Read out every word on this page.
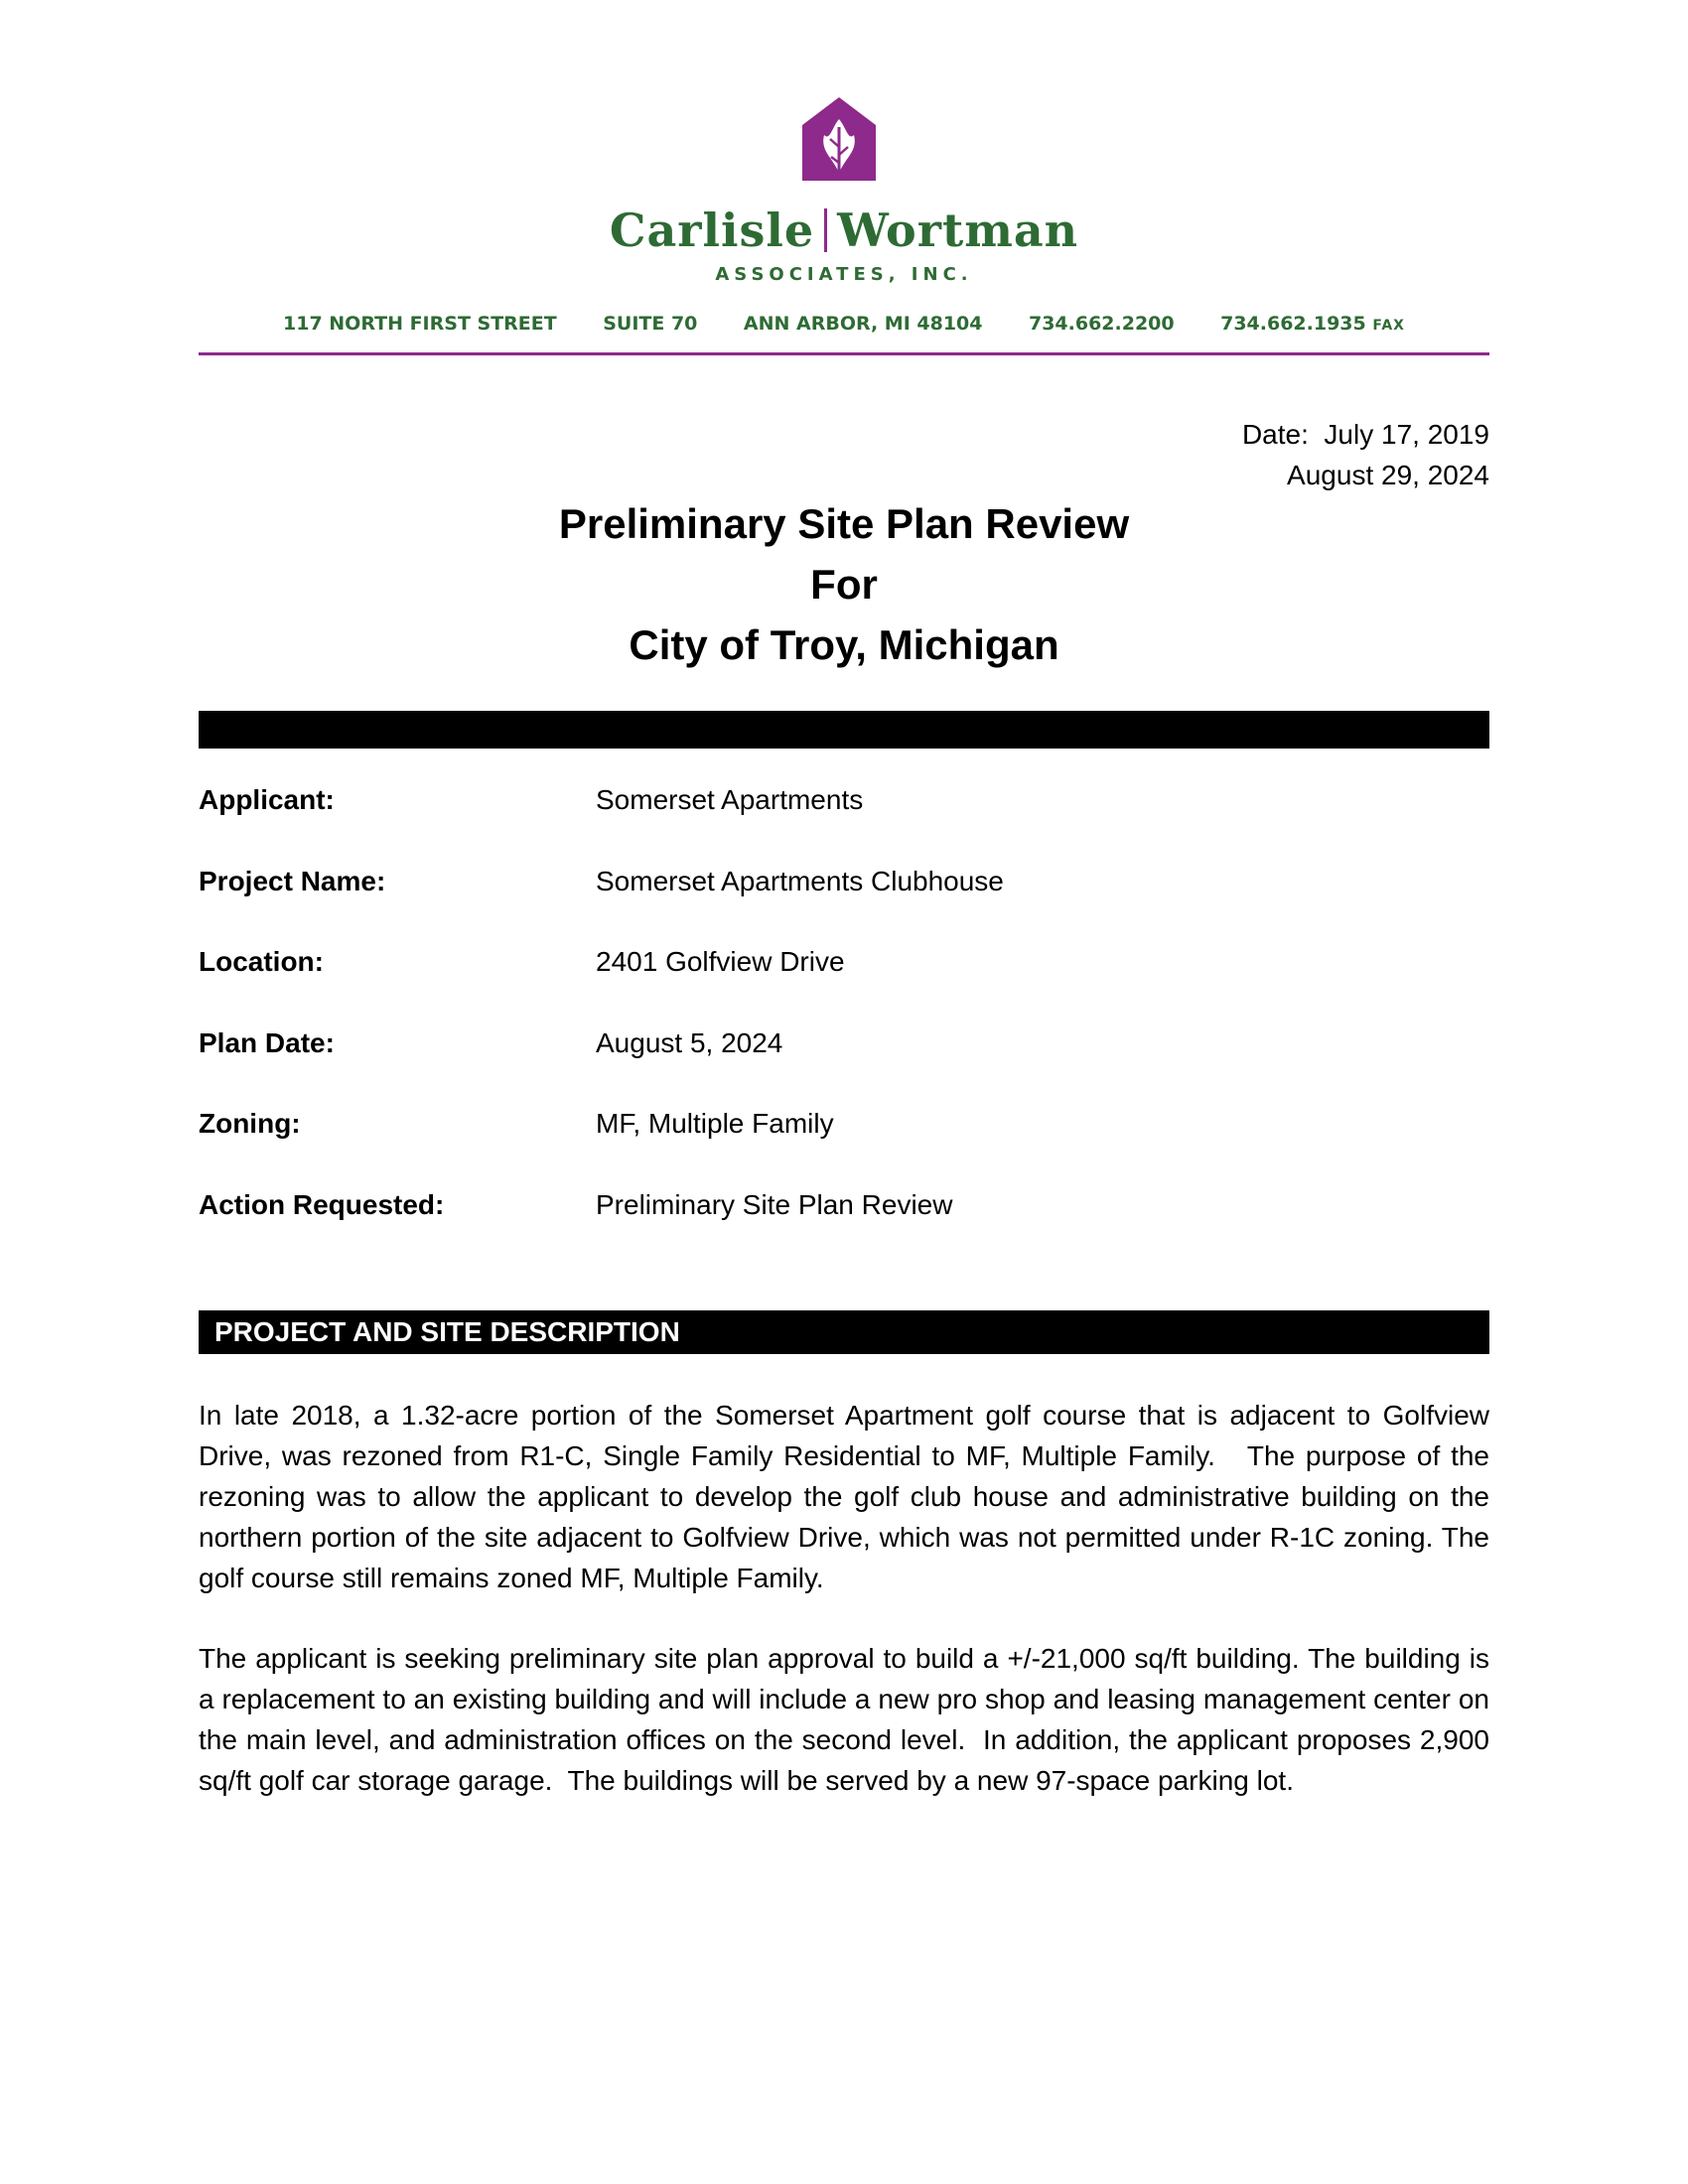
Carlisle Wortman
ASSOCIATES, INC.
117 NORTH FIRST STREET SUITE 70 ANN ARBOR, MI 48104 734.662.2200 734.662.1935 FAX
Date:  July 17, 2019
August 29, 2024
Preliminary Site Plan Review
For
City of Troy, Michigan
Applicant:	Somerset Apartments
Project Name:	Somerset Apartments Clubhouse
Location:	2401 Golfview Drive
Plan Date:	August 5, 2024
Zoning:	MF, Multiple Family
Action Requested:	Preliminary Site Plan Review
PROJECT AND SITE DESCRIPTION
In late 2018, a 1.32-acre portion of the Somerset Apartment golf course that is adjacent to Golfview Drive, was rezoned from R1-C, Single Family Residential to MF, Multiple Family.   The purpose of the rezoning was to allow the applicant to develop the golf club house and administrative building on the northern portion of the site adjacent to Golfview Drive, which was not permitted under R-1C zoning. The golf course still remains zoned MF, Multiple Family.
The applicant is seeking preliminary site plan approval to build a +/-21,000 sq/ft building. The building is a replacement to an existing building and will include a new pro shop and leasing management center on the main level, and administration offices on the second level.  In addition, the applicant proposes 2,900 sq/ft golf car storage garage.  The buildings will be served by a new 97-space parking lot.
